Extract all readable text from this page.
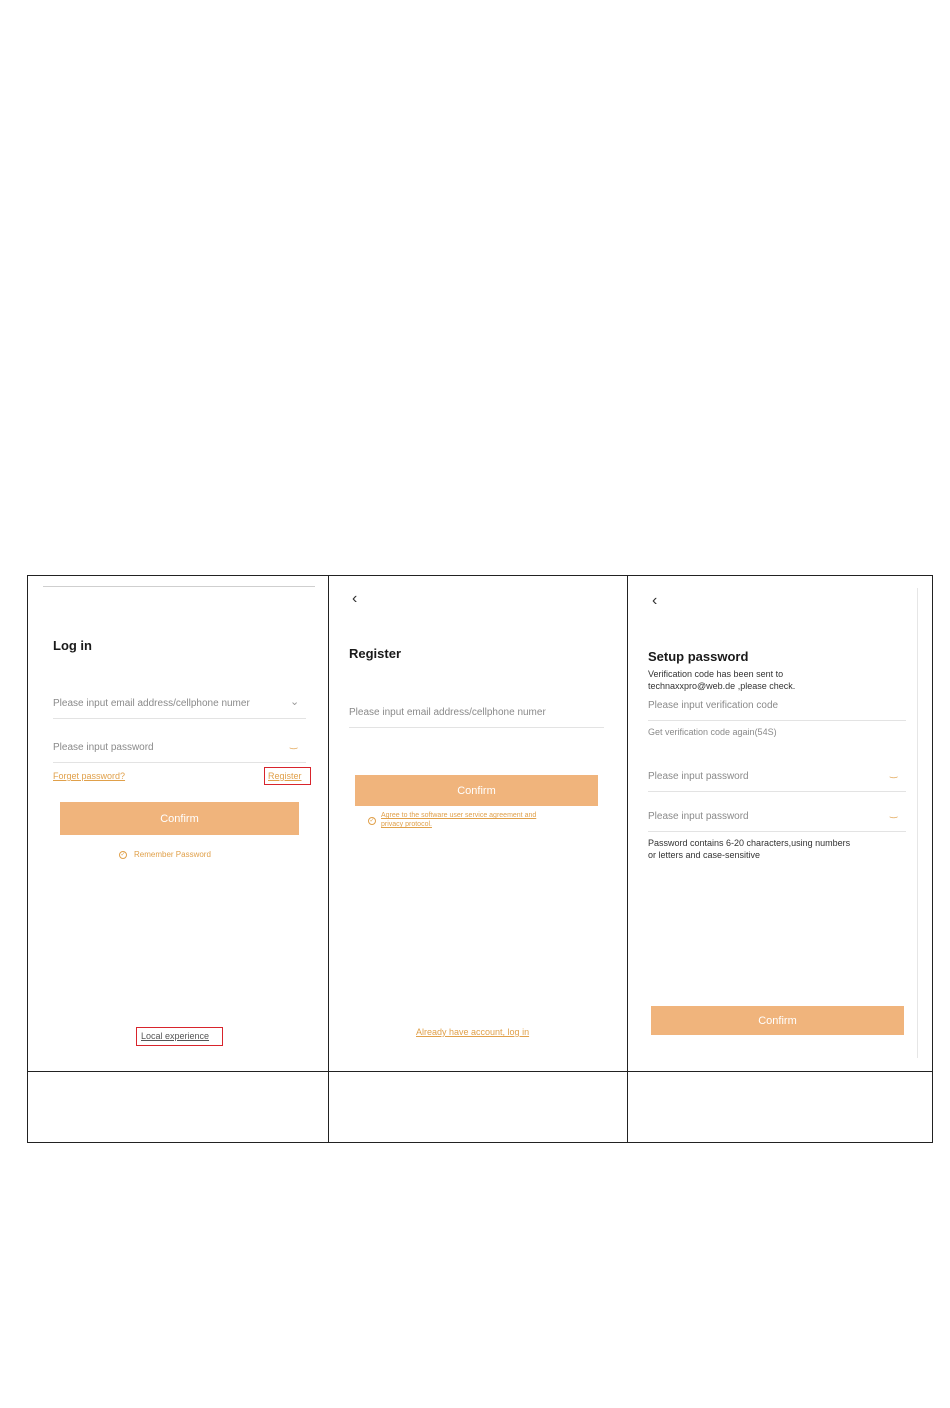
Log in
Please input email address/cellphone numer	⌄
Please input password	‿
Forget password?	Register
Confirm
✓ Remember Password
Local experience
‹
Register
Please input email address/cellphone numer
Confirm
✓
Agree to the software user service agreement and
privacy protocol.
Already have account, log in
‹
Setup password
Verification code has been sent to
technaxxpro@web.de ,please check.
Please input verification code
Get verification code again(54S)
Please input password	‿
Please input password	‿
Password contains 6-20 characters,using numbers
or letters and case-sensitive
Confirm
